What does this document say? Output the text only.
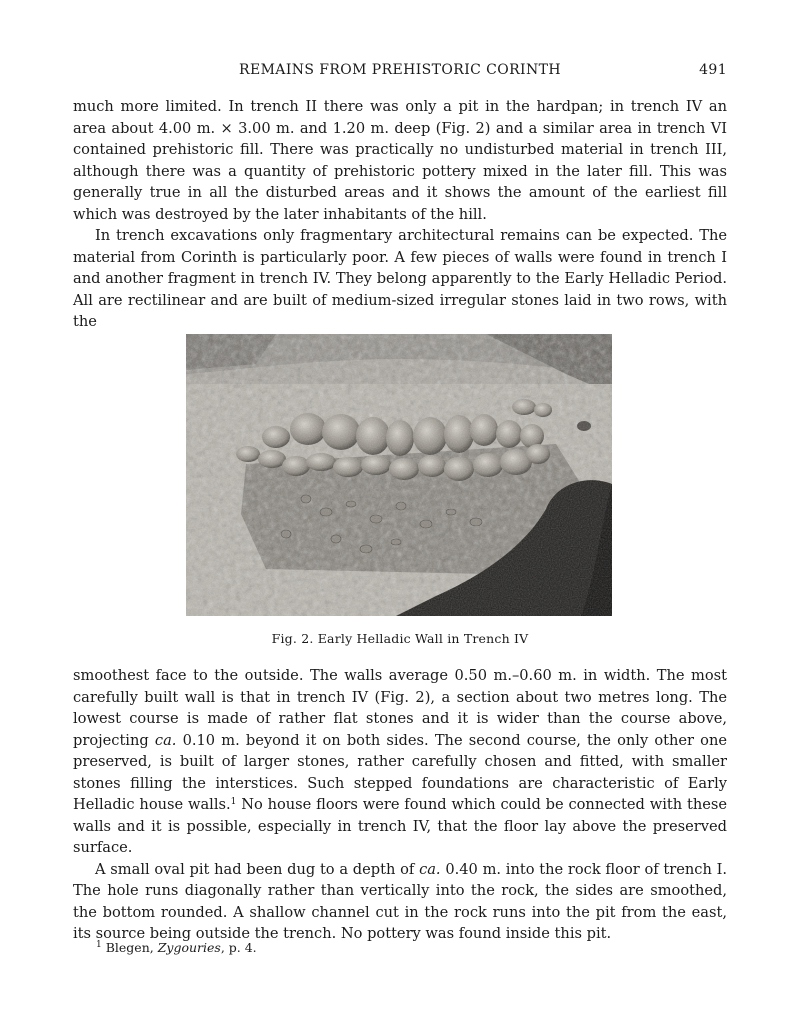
REMAINS FROM PREHISTORIC CORINTH	491

much more limited. In trench II there was only a pit in the hardpan; in trench IV an area about 4.00 m. × 3.00 m. and 1.20 m. deep (Fig. 2) and a similar area in trench VI contained prehistoric fill. There was practically no undisturbed material in trench III, although there was a quantity of prehistoric pottery mixed in the later fill. This was generally true in all the disturbed areas and it shows the amount of the earliest fill which was destroyed by the later inhabitants of the hill.

In trench excavations only fragmentary architectural remains can be expected. The material from Corinth is particularly poor. A few pieces of walls were found in trench I and another fragment in trench IV. They belong apparently to the Early Helladic Period. All are rectilinear and are built of medium-sized irregular stones laid in two rows, with the

Fig. 2. Early Helladic Wall in Trench IV

smoothest face to the outside. The walls average 0.50 m.–0.60 m. in width. The most carefully built wall is that in trench IV (Fig. 2), a section about two metres long. The lowest course is made of rather flat stones and it is wider than the course above, projecting ca. 0.10 m. beyond it on both sides. The second course, the only other one preserved, is built of larger stones, rather carefully chosen and fitted, with smaller stones filling the interstices. Such stepped foundations are characteristic of Early Helladic house walls.$^1$ No house floors were found which could be connected with these walls and it is possible, especially in trench IV, that the floor lay above the preserved surface.

A small oval pit had been dug to a depth of ca. 0.40 m. into the rock floor of trench I. The hole runs diagonally rather than vertically into the rock, the sides are smoothed, the bottom rounded. A shallow channel cut in the rock runs into the pit from the east, its source being outside the trench. No pottery was found inside this pit.

$^1$ Blegen, Zygouries, p. 4.
